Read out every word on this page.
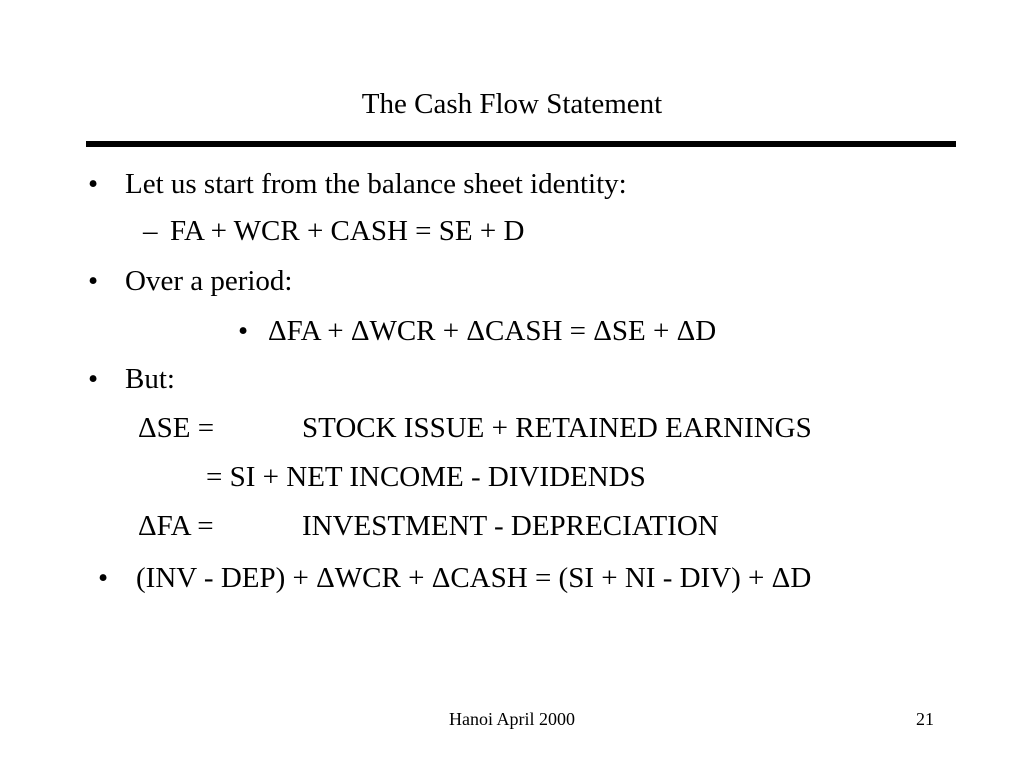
The Cash Flow Statement
• Let us start from the balance sheet identity:
– FA + WCR + CASH = SE + D
• Over a period:
• ΔFA + ΔWCR + ΔCASH = ΔSE + ΔD
• But:
ΔSE =	STOCK ISSUE + RETAINED EARNINGS
= SI + NET INCOME - DIVIDENDS
ΔFA =	INVESTMENT - DEPRECIATION
• (INV - DEP) + ΔWCR + ΔCASH = (SI + NI - DIV) + ΔD
Hanoi April 2000	21
